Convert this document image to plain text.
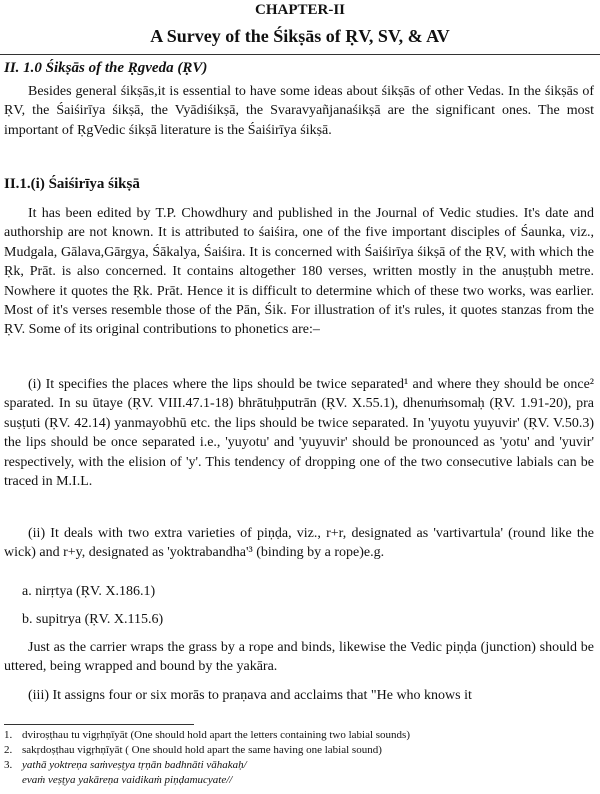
CHAPTER-II
A Survey of the Śikṣās of ṚV, SV, & AV
II. 1.0 Śikṣās of the Ṛgveda (ṚV)

Besides general śikṣās,it is essential to have some ideas about śikṣās of other Vedas. In the śikṣās of ṚV, the Śaiśirīya śikṣā, the Vyādiśikṣā, the Svaravyañjanaśikṣā are the significant ones. The most important of ṚgVedic śikṣā literature is the Śaiśirīya śikṣā.

II.1.(i) Śaiśirīya śikṣā

It has been edited by T.P. Chowdhury and published in the Journal of Vedic studies. It's date and authorship are not known. It is attributed to śaiśira, one of the five important disciples of Śaunka, viz., Mudgala, Gālava,Gārgya, Śākalya, Śaiśira. It is concerned with Śaiśirīya śikṣā of the ṚV, with which the Ṛk, Prāt. is also concerned. It contains altogether 180 verses, written mostly in the anuṣṭubh metre. Nowhere it quotes the Ṛk. Prāt. Hence it is difficult to determine which of these two works, was earlier. Most of it's verses resemble those of the Pān, Śik. For illustration of it's rules, it quotes stanzas from the ṚV. Some of its original contributions to phonetics are:–

(i) It specifies the places where the lips should be twice separated¹ and where they should be once² sparated. In su ūtaye (ṚV. VIII.47.1-18) bhrātuḥputrān (ṚV. X.55.1), dhenuṁsomaḥ (ṚV. 1.91-20), pra suṣṭuti (ṚV. 42.14) yanmayobhū etc. the lips should be twice separated. In 'yuyotu yuyuvir' (ṚV. V.50.3) the lips should be once separated i.e., 'yuyotu' and 'yuyuvir' should be pronounced as 'yotu' and 'yuvir' respectively, with the elision of 'y'. This tendency of dropping one of the two consecutive labials can be traced in M.I.L.

(ii) It deals with two extra varieties of piṇḍa, viz., r+r, designated as 'vartivartula' (round like the wick) and r+y, designated as 'yoktrabandha'³ (binding by a rope)e.g.

a. nirṛtya (ṚV. X.186.1)
b. supitrya (ṚV. X.115.6)

Just as the carrier wraps the grass by a rope and binds, likewise the Vedic piṇḍa (junction) should be uttered, being wrapped and bound by the yakāra.

(iii) It assigns four or six morās to praṇava and acclaims that "He who knows it

1. dviroṣṭhau tu vigṛhṇīyāt (One should hold apart the letters containing two labial sounds)
2. sakṛdoṣṭhau vigṛhṇīyāt ( One should hold apart the same having one labial sound)
3. yathā yoktreṇa saṁveṣṭya tṛṇān badhnāti vāhakaḥ/
evaṁ veṣṭya yakāreṇa vaidikaṁ piṇḍamucyate//
